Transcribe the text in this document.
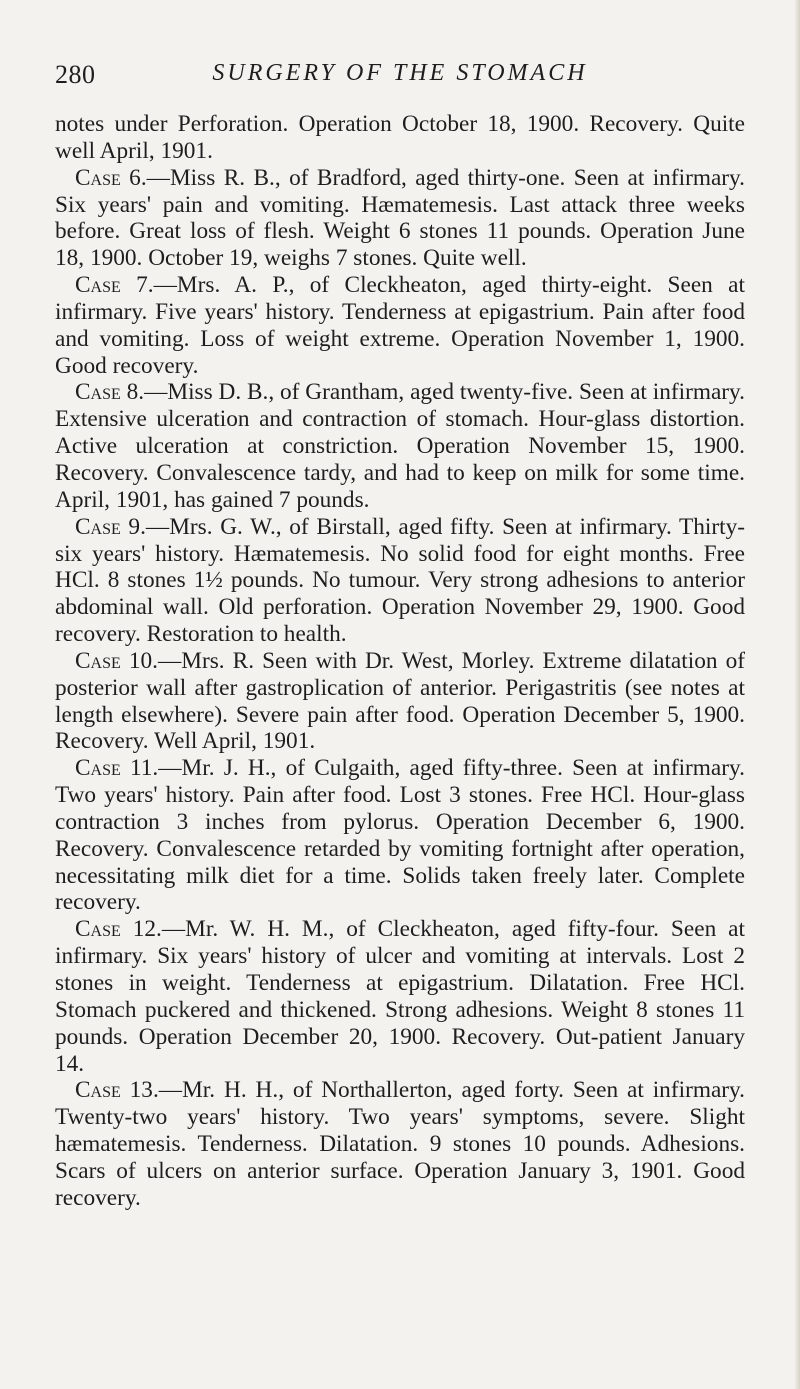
280	SURGERY OF THE STOMACH

notes under Perforation. Operation October 18, 1900. Recovery. Quite well April, 1901.

Case 6.—Miss R. B., of Bradford, aged thirty-one. Seen at infirmary. Six years' pain and vomiting. Hæmatemesis. Last attack three weeks before. Great loss of flesh. Weight 6 stones 11 pounds. Operation June 18, 1900. October 19, weighs 7 stones. Quite well.

Case 7.—Mrs. A. P., of Cleckheaton, aged thirty-eight. Seen at infirmary. Five years' history. Tenderness at epigastrium. Pain after food and vomiting. Loss of weight extreme. Operation November 1, 1900. Good recovery.

Case 8.—Miss D. B., of Grantham, aged twenty-five. Seen at infirmary. Extensive ulceration and contraction of stomach. Hour-glass distortion. Active ulceration at constriction. Operation November 15, 1900. Recovery. Convalescence tardy, and had to keep on milk for some time. April, 1901, has gained 7 pounds.

Case 9.—Mrs. G. W., of Birstall, aged fifty. Seen at infirmary. Thirty-six years' history. Hæmatemesis. No solid food for eight months. Free HCl. 8 stones 1½ pounds. No tumour. Very strong adhesions to anterior abdominal wall. Old perforation. Operation November 29, 1900. Good recovery. Restoration to health.

Case 10.—Mrs. R. Seen with Dr. West, Morley. Extreme dilatation of posterior wall after gastroplication of anterior. Perigastritis (see notes at length elsewhere). Severe pain after food. Operation December 5, 1900. Recovery. Well April, 1901.

Case 11.—Mr. J. H., of Culgaith, aged fifty-three. Seen at infirmary. Two years' history. Pain after food. Lost 3 stones. Free HCl. Hour-glass contraction 3 inches from pylorus. Operation December 6, 1900. Recovery. Convalescence retarded by vomiting fortnight after operation, necessitating milk diet for a time. Solids taken freely later. Complete recovery.

Case 12.—Mr. W. H. M., of Cleckheaton, aged fifty-four. Seen at infirmary. Six years' history of ulcer and vomiting at intervals. Lost 2 stones in weight. Tenderness at epigastrium. Dilatation. Free HCl. Stomach puckered and thickened. Strong adhesions. Weight 8 stones 11 pounds. Operation December 20, 1900. Recovery. Out-patient January 14.

Case 13.—Mr. H. H., of Northallerton, aged forty. Seen at infirmary. Twenty-two years' history. Two years' symptoms, severe. Slight hæmatemesis. Tenderness. Dilatation. 9 stones 10 pounds. Adhesions. Scars of ulcers on anterior surface. Operation January 3, 1901. Good recovery.
